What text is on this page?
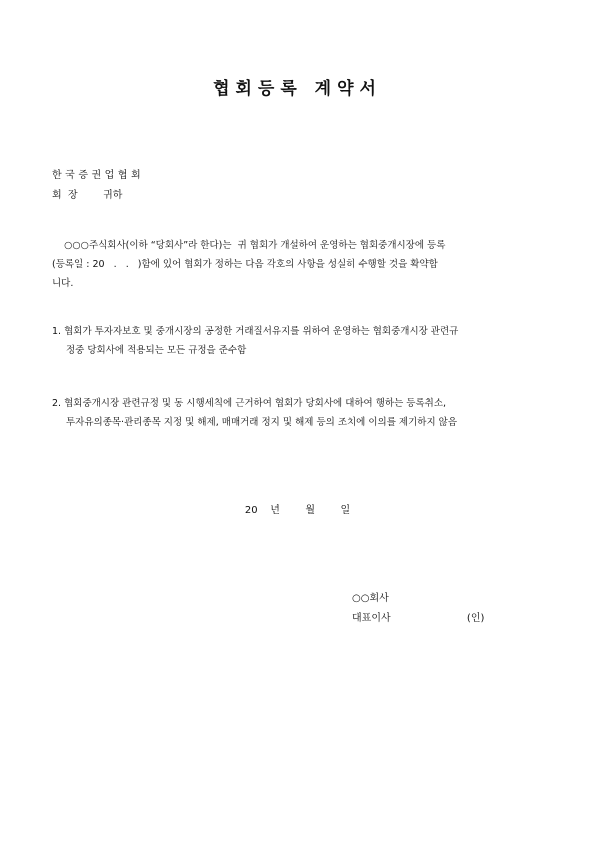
협회등록 계약서
한국증권업협회
회  장        귀하
○○○주식회사(이하 “당회사”라 한다)는  귀 협회가 개설하여 운영하는 협회중개시장에 등록
(등록일 : 20   .   .   )함에 있어 협회가 정하는 다음 각호의 사항을 성실히 수행할 것을 확약합
니다.
1. 협회가 투자자보호 및 중개시장의 공정한 거래질서유지를 위하여 운영하는 협회중개시장 관련규
정중 당회사에 적용되는 모든 규정을 준수함
2. 협회중개시장 관련규정 및 동 시행세칙에 근거하여 협회가 당회사에 대하여 행하는 등록취소,
투자유의종목·관리종목 지정 및 해제, 매매거래 정지 및 해제 등의 조치에 이의를 제기하지 않음
20    년        월        일
○○회사
대표이사                        (인)
